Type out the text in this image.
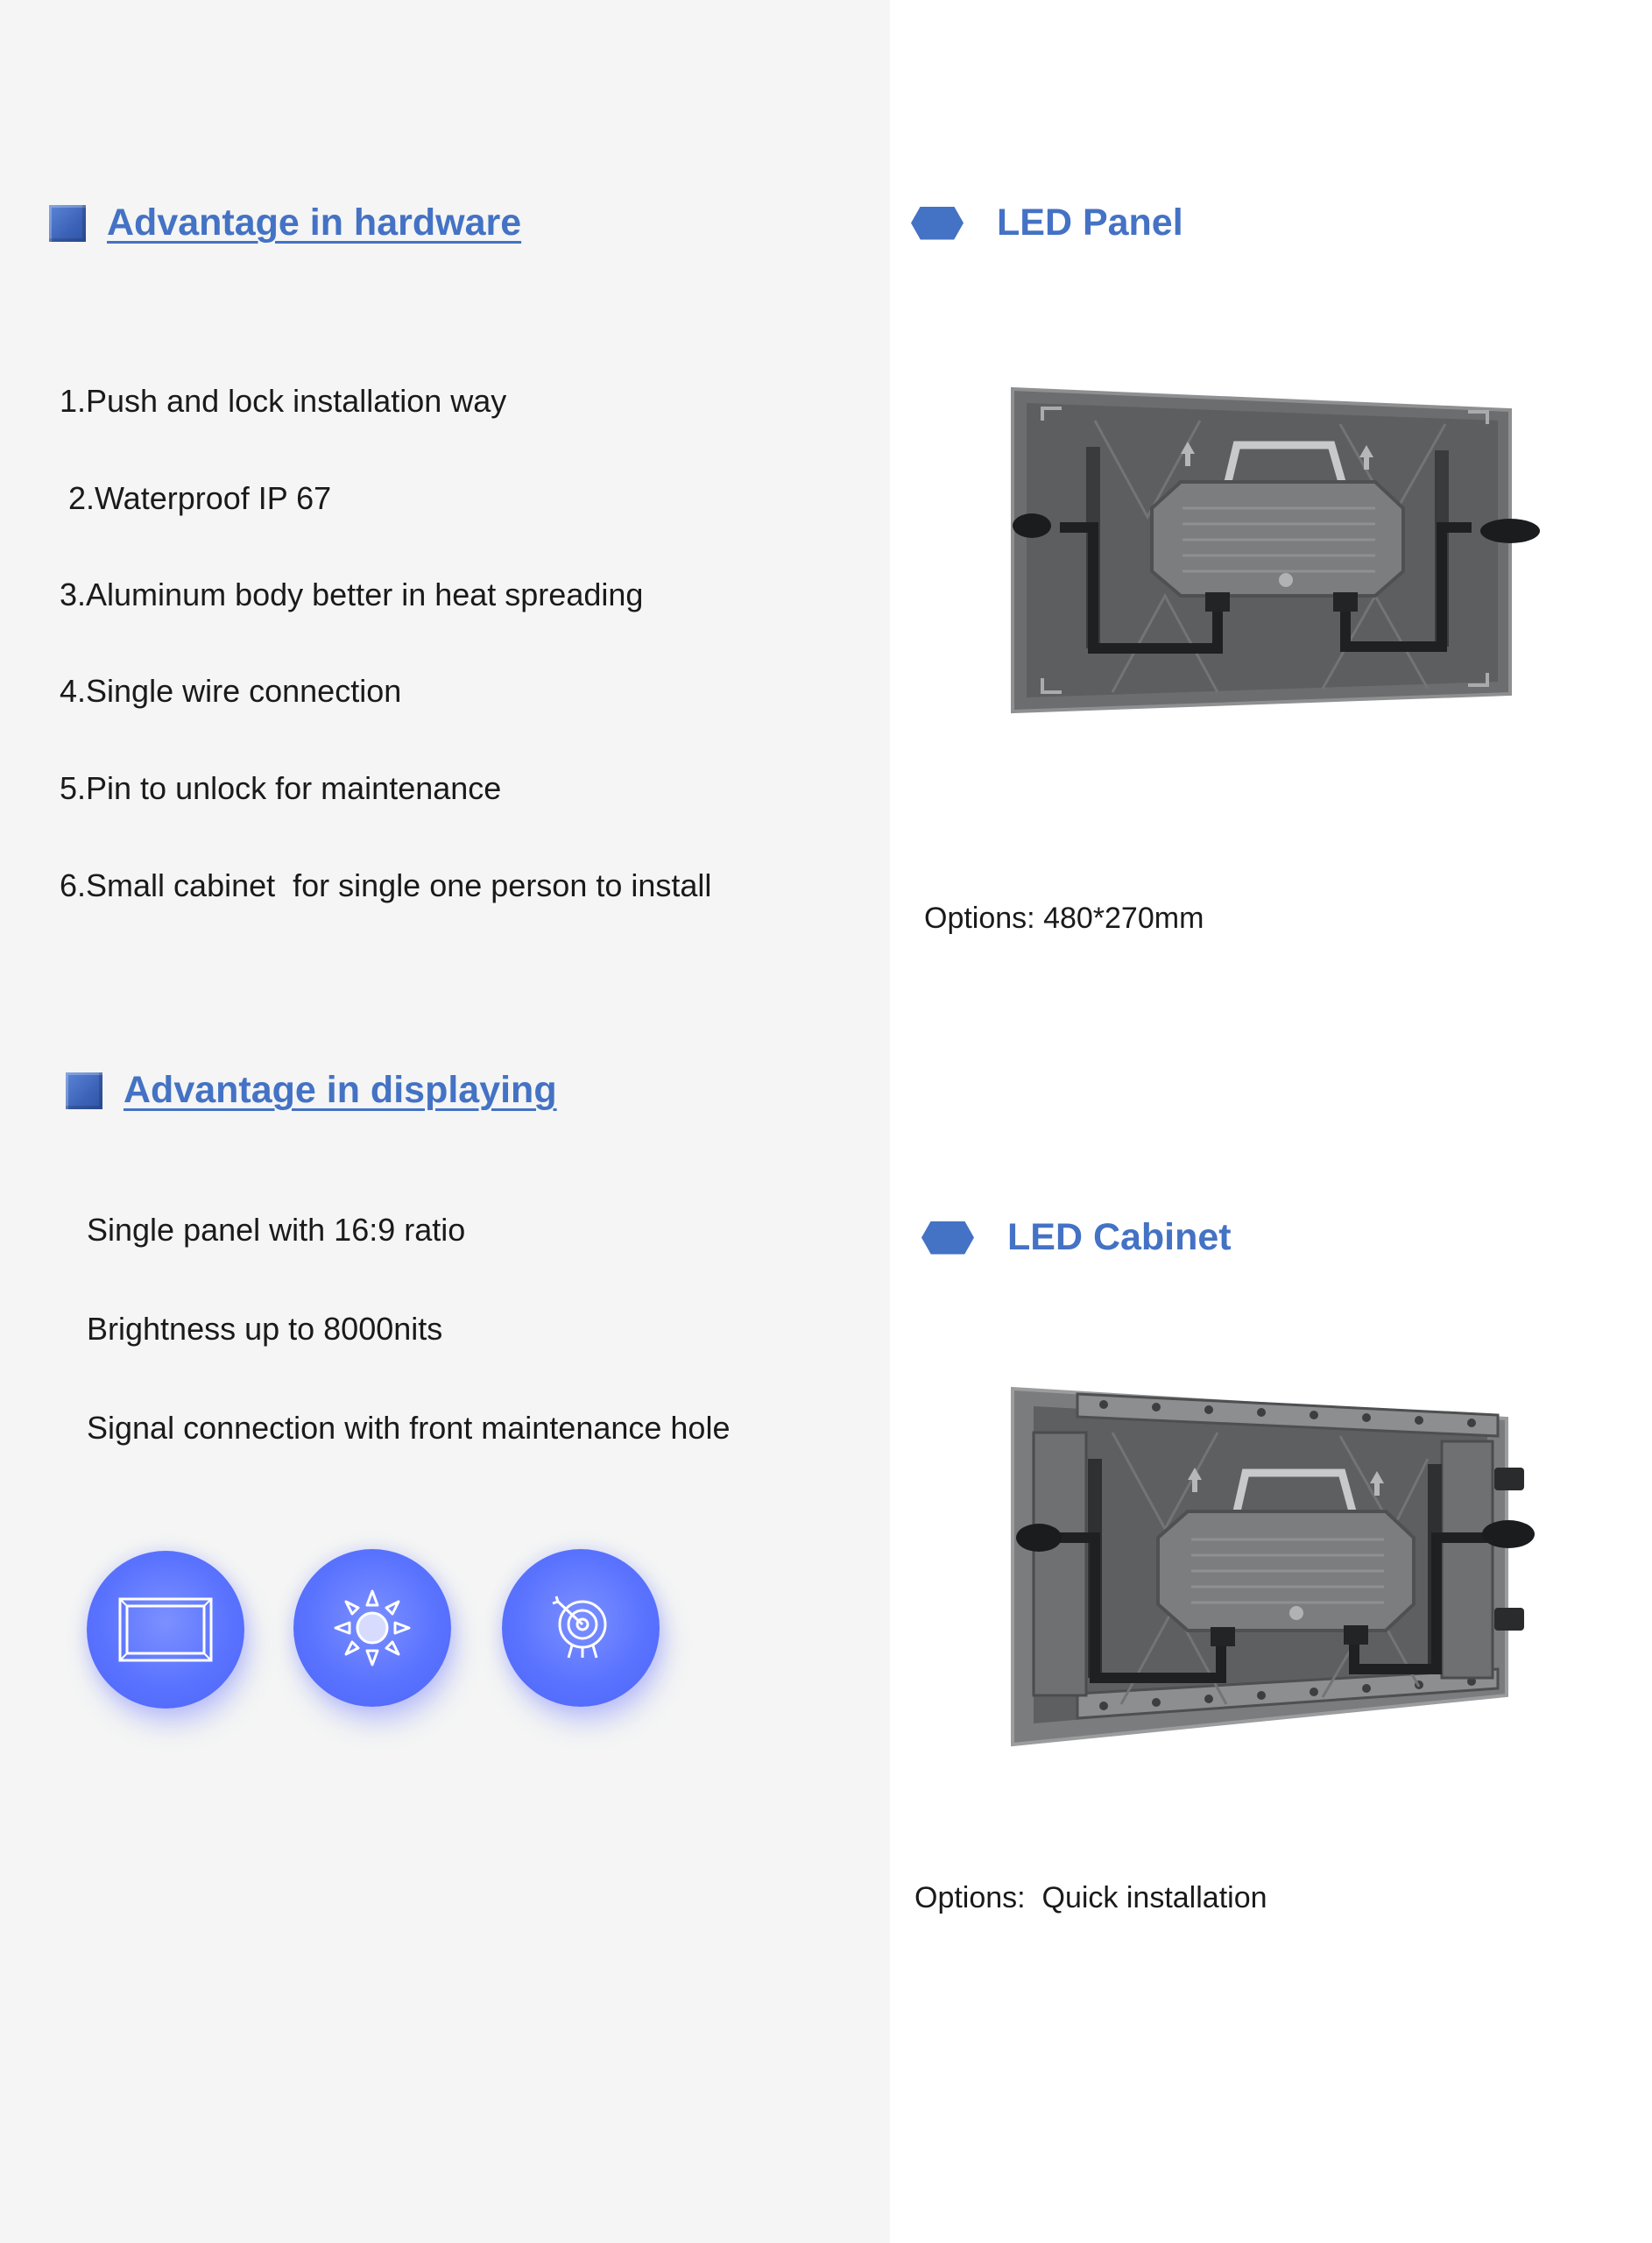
Advantage in hardware
1.Push and lock installation way
2.Waterproof IP 67
3.Aluminum body better in heat spreading
4.Single wire connection
5.Pin to unlock for maintenance
6.Small cabinet  for single one person to install
Advantage in displaying
Single panel with 16:9 ratio
Brightness up to 8000nits
Signal connection with front maintenance hole
LED Panel
Options: 480*270mm
LED Cabinet
Options:  Quick installation
